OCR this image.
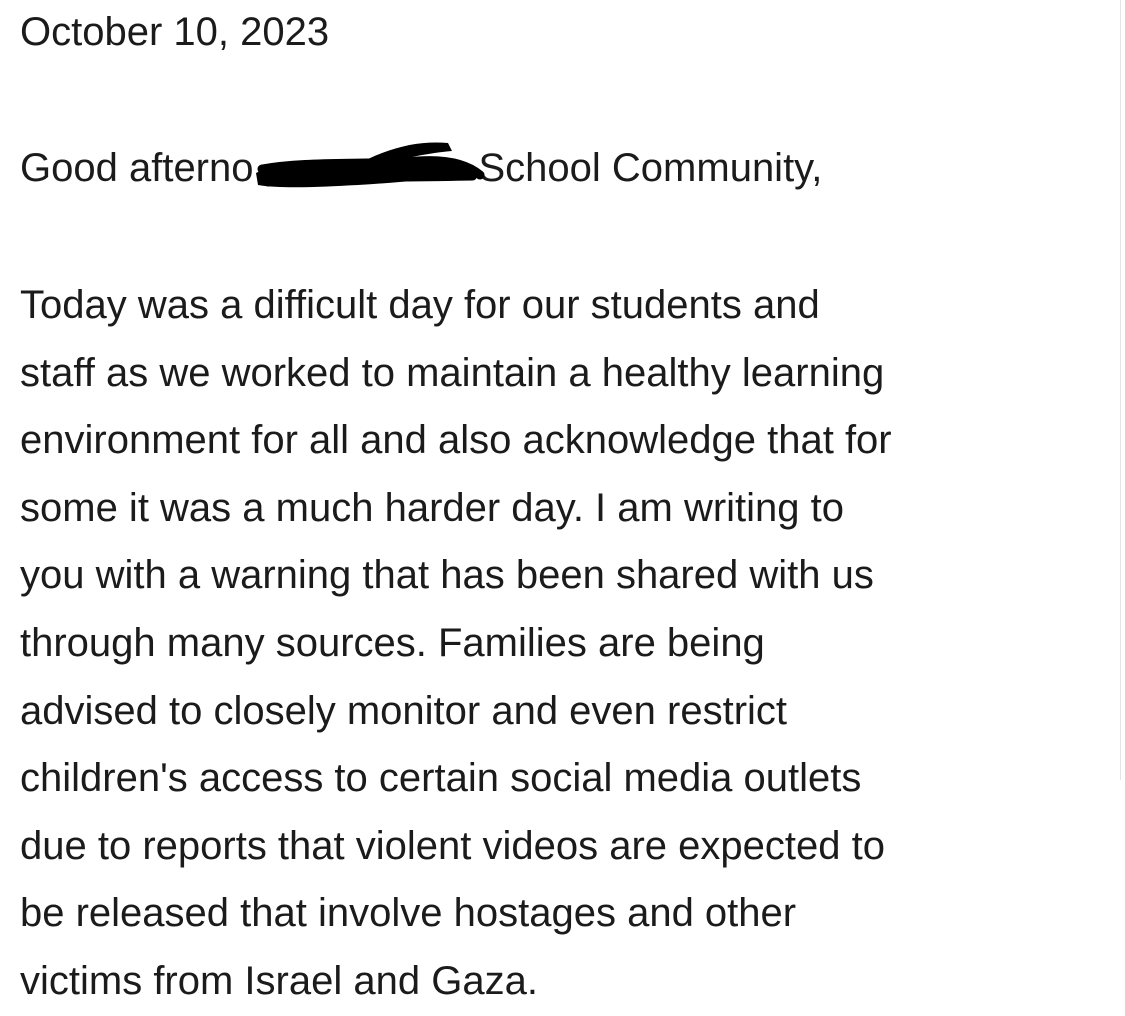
October 10, 2023

Good afterno	School Community,

Today was a difficult day for our students and
staff as we worked to maintain a healthy learning
environment for all and also acknowledge that for
some it was a much harder day. I am writing to
you with a warning that has been shared with us
through many sources. Families are being
advised to closely monitor and even restrict
children's access to certain social media outlets
due to reports that violent videos are expected to
be released that involve hostages and other
victims from Israel and Gaza.
